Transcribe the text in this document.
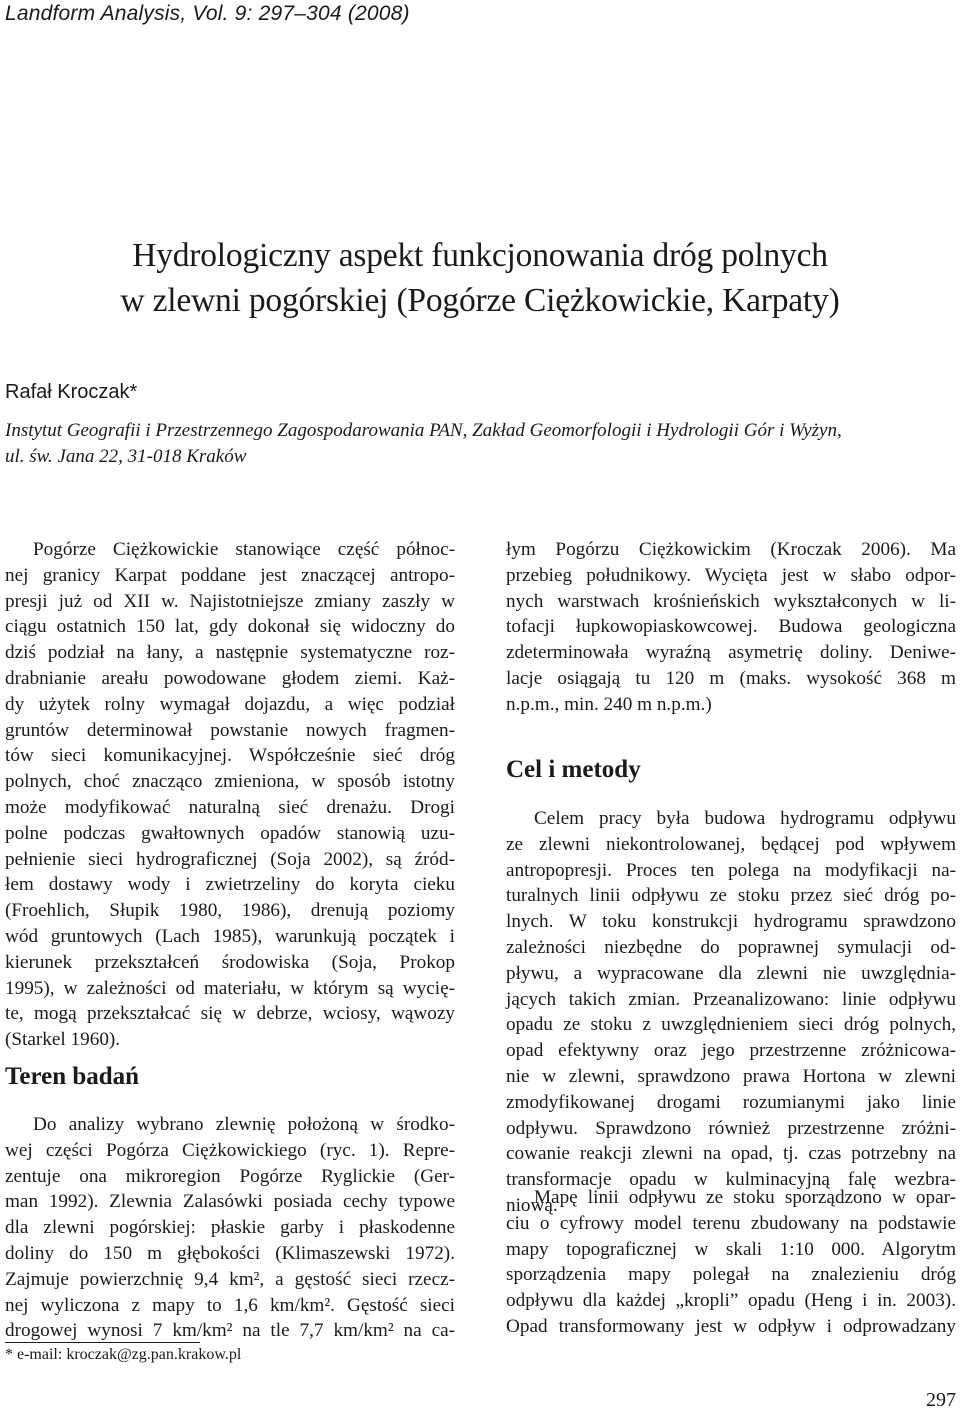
Landform Analysis, Vol. 9: 297–304 (2008)
Hydrologiczny aspekt funkcjonowania dróg polnych
w zlewni pogórskiej (Pogórze Ciężkowickie, Karpaty)
Rafał Kroczak*
Instytut Geografii i Przestrzennego Zagospodarowania PAN, Zakład Geomorfologii i Hydrologii Gór i Wyżyn,
ul. św. Jana 22, 31-018 Kraków
Pogórze Ciężkowickie stanowiące część północ-
nej granicy Karpat poddane jest znaczącej antropo-
presji już od XII w. Najistotniejsze zmiany zaszły w
ciągu ostatnich 150 lat, gdy dokonał się widoczny do
dziś podział na łany, a następnie systematyczne roz-
drabnianie areału powodowane głodem ziemi. Każ-
dy użytek rolny wymagał dojazdu, a więc podział
gruntów determinował powstanie nowych fragmen-
tów sieci komunikacyjnej. Współcześnie sieć dróg
polnych, choć znacząco zmieniona, w sposób istotny
może modyfikować naturalną sieć drenażu. Drogi
polne podczas gwałtownych opadów stanowią uzu-
pełnienie sieci hydrograficznej (Soja 2002), są źród-
łem dostawy wody i zwietrzeliny do koryta cieku
(Froehlich, Słupik 1980, 1986), drenują poziomy
wód gruntowych (Lach 1985), warunkują początek i
kierunek przekształceń środowiska (Soja, Prokop
1995), w zależności od materiału, w którym są wycię-
te, mogą przekształcać się w debrze, wciosy, wąwozy
(Starkel 1960).
Teren badań
Do analizy wybrano zlewnię położoną w środko-
wej części Pogórza Ciężkowickiego (ryc. 1). Repre-
zentuje ona mikroregion Pogórze Ryglickie (Ger-
man 1992). Zlewnia Zalasówki posiada cechy typowe
dla zlewni pogórskiej: płaskie garby i płaskodenne
doliny do 150 m głębokości (Klimaszewski 1972).
Zajmuje powierzchnię 9,4 km², a gęstość sieci rzecz-
nej wyliczona z mapy to 1,6 km/km². Gęstość sieci
drogowej wynosi 7 km/km² na tle 7,7 km/km² na ca-
łym Pogórzu Ciężkowickim (Kroczak 2006). Ma
przebieg południkowy. Wycięta jest w słabo odpor-
nych warstwach krośnieńskich wykształconych w li-
tofacji łupkowopiaskowcowej. Budowa geologiczna
zdeterminowała wyraźną asymetrię doliny. Deniwe-
lacje osiągają tu 120 m (maks. wysokość 368 m
n.p.m., min. 240 m n.p.m.)
Cel i metody
Celem pracy była budowa hydrogramu odpływu
ze zlewni niekontrolowanej, będącej pod wpływem
antropopresji. Proces ten polega na modyfikacji na-
turalnych linii odpływu ze stoku przez sieć dróg po-
lnych. W toku konstrukcji hydrogramu sprawdzono
zależności niezbędne do poprawnej symulacji od-
pływu, a wypracowane dla zlewni nie uwzględnia-
jących takich zmian. Przeanalizowano: linie odpływu
opadu ze stoku z uwzględnieniem sieci dróg polnych,
opad efektywny oraz jego przestrzenne zróżnicowa-
nie w zlewni, sprawdzono prawa Hortona w zlewni
zmodyfikowanej drogami rozumianymi jako linie
odpływu. Sprawdzono również przestrzenne zróżni-
cowanie reakcji zlewni na opad, tj. czas potrzebny na
transformacje opadu w kulminacyjną falę wezbra-
niową.
Mapę linii odpływu ze stoku sporządzono w opar-
ciu o cyfrowy model terenu zbudowany na podstawie
mapy topograficznej w skali 1:10 000. Algorytm
sporządzenia mapy polegał na znalezieniu dróg
odpływu dla każdej „kropli” opadu (Heng i in. 2003).
Opad transformowany jest w odpływ i odprowadzany
* e-mail: kroczak@zg.pan.krakow.pl
297
